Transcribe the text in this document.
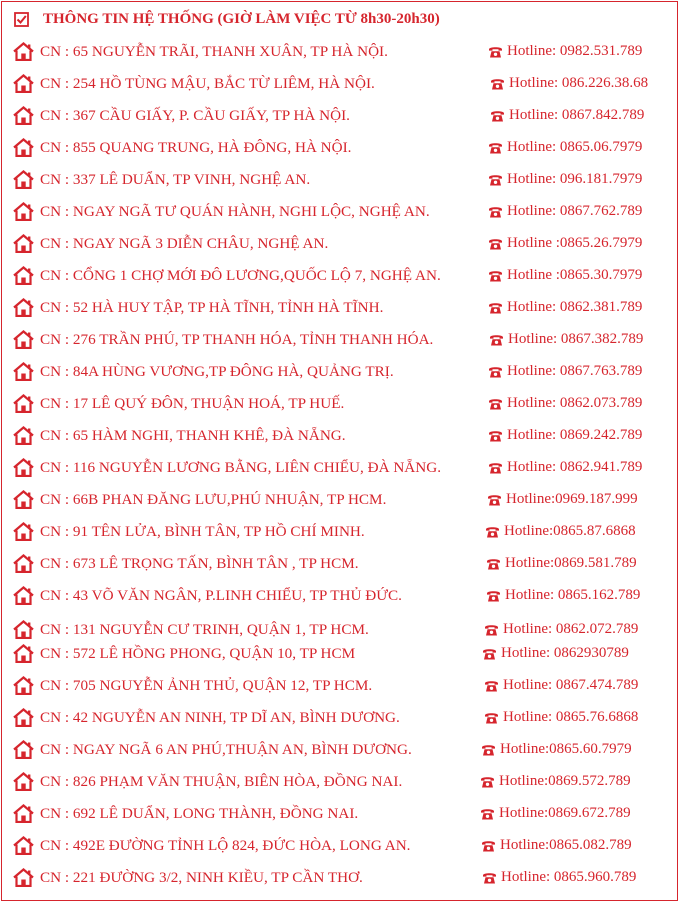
THÔNG TIN HỆ THỐNG (GIỜ LÀM VIỆC TỪ 8h30-20h30)
CN : 65 NGUYỄN TRÃI, THANH XUÂN, TP HÀ NỘI.	Hotline: 0982.531.789
CN : 254 HỒ TÙNG MẬU, BẮC TỪ LIÊM, HÀ NỘI.	Hotline: 086.226.38.68
CN : 367 CẦU GIẤY, P. CẦU GIẤY, TP HÀ NỘI.	Hotline: 0867.842.789
CN : 855 QUANG TRUNG, HÀ ĐÔNG, HÀ NỘI.	Hotline: 0865.06.7979
CN : 337 LÊ DUẨN, TP VINH, NGHỆ AN.	Hotline: 096.181.7979
CN : NGAY NGÃ TƯ QUÁN HÀNH, NGHI LỘC, NGHỆ AN.	Hotline: 0867.762.789
CN : NGAY NGÃ 3 DIỄN CHÂU, NGHỆ AN.	Hotline :0865.26.7979
CN : CỔNG 1 CHỢ MỚI ĐÔ LƯƠNG,QUỐC LỘ 7, NGHỆ AN.	Hotline :0865.30.7979
CN : 52 HÀ HUY TẬP, TP HÀ TĨNH, TỈNH HÀ TĨNH.	Hotline: 0862.381.789
CN : 276 TRẦN PHÚ, TP THANH HÓA, TỈNH THANH HÓA.	Hotline: 0867.382.789
CN : 84A HÙNG VƯƠNG,TP ĐÔNG HÀ, QUẢNG TRỊ.	Hotline: 0867.763.789
CN : 17 LÊ QUÝ ĐÔN, THUẬN HOÁ, TP HUẾ.	Hotline: 0862.073.789
CN : 65 HÀM NGHI, THANH KHÊ, ĐÀ NẴNG.	Hotline: 0869.242.789
CN : 116 NGUYỄN LƯƠNG BẰNG, LIÊN CHIỂU, ĐÀ NẴNG.	Hotline: 0862.941.789
CN : 66B PHAN ĐĂNG LƯU,PHÚ NHUẬN, TP HCM.	Hotline:0969.187.999
CN : 91 TÊN LỬA, BÌNH TÂN, TP HỒ CHÍ MINH.	Hotline:0865.87.6868
CN : 673 LÊ TRỌNG TẤN, BÌNH TÂN , TP HCM.	Hotline:0869.581.789
CN : 43 VÕ VĂN NGÂN, P.LINH CHIỂU, TP THỦ ĐỨC.	Hotline: 0865.162.789
CN : 131 NGUYỄN CƯ TRINH, QUẬN 1, TP HCM.	Hotline: 0862.072.789
CN : 572 LÊ HỒNG PHONG, QUẬN 10, TP HCM	Hotline: 0862930789
CN : 705 NGUYỄN ẢNH THỦ, QUẬN 12, TP HCM.	Hotline: 0867.474.789
CN : 42 NGUYỄN AN NINH, TP DĨ AN, BÌNH DƯƠNG.	Hotline: 0865.76.6868
CN : NGAY NGÃ 6 AN PHÚ,THUẬN AN, BÌNH DƯƠNG.	Hotline:0865.60.7979
CN : 826 PHẠM VĂN THUẬN, BIÊN HÒA, ĐỒNG NAI.	Hotline:0869.572.789
CN : 692 LÊ DUẨN, LONG THÀNH, ĐỒNG NAI.	Hotline:0869.672.789
CN : 492E ĐƯỜNG TỈNH LỘ 824, ĐỨC HÒA, LONG AN.	Hotline:0865.082.789
CN : 221 ĐƯỜNG 3/2, NINH KIỀU, TP CẦN THƠ.	Hotline: 0865.960.789
